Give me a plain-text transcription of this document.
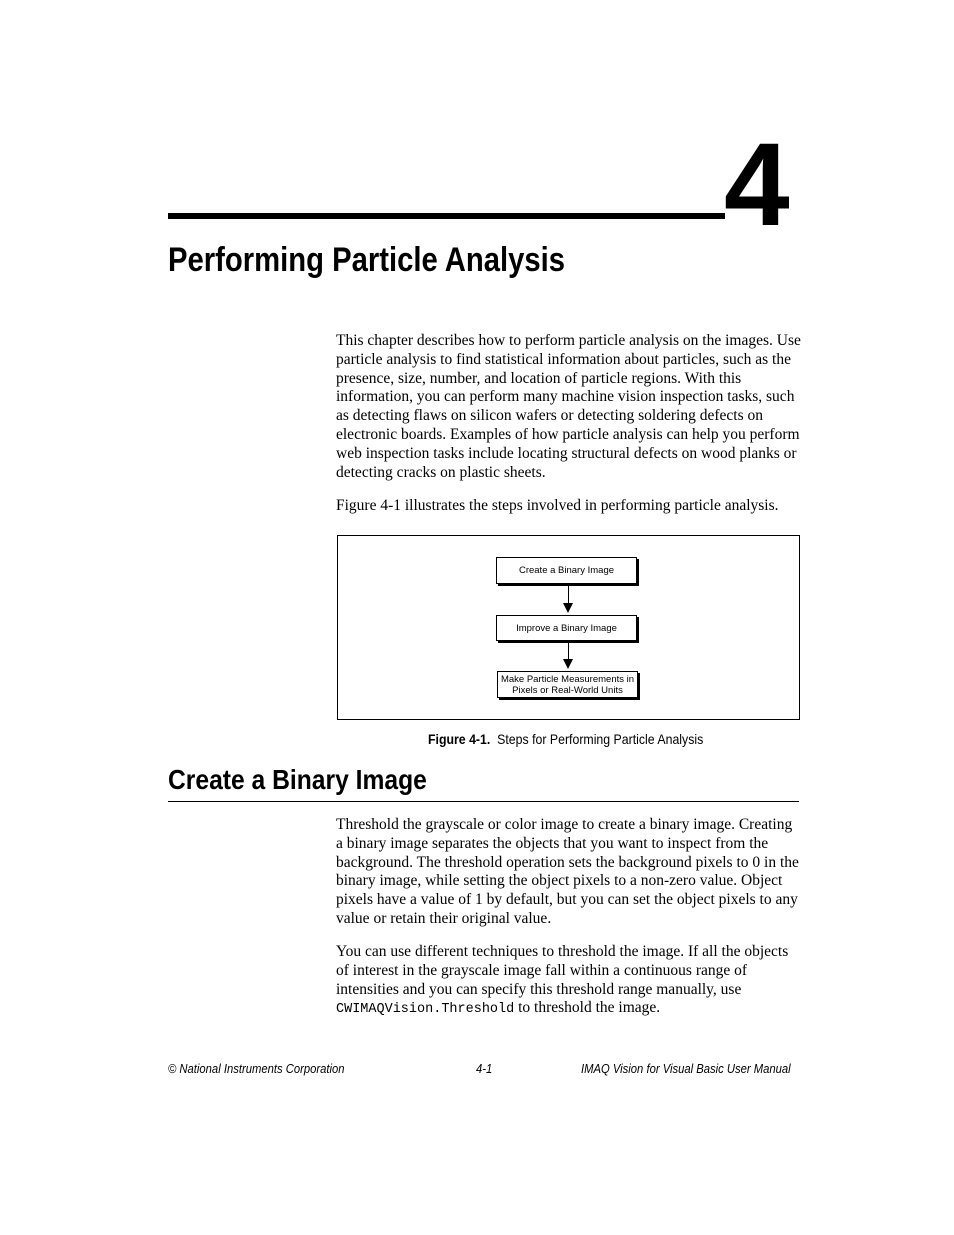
4
Performing Particle Analysis
This chapter describes how to perform particle analysis on the images. Use particle analysis to find statistical information about particles, such as the presence, size, number, and location of particle regions. With this information, you can perform many machine vision inspection tasks, such as detecting flaws on silicon wafers or detecting soldering defects on electronic boards. Examples of how particle analysis can help you perform web inspection tasks include locating structural defects on wood planks or detecting cracks on plastic sheets.
Figure 4-1 illustrates the steps involved in performing particle analysis.
Create a Binary Image
Improve a Binary Image
Make Particle Measurements in Pixels or Real-World Units
Figure 4-1. Steps for Performing Particle Analysis
Create a Binary Image
Threshold the grayscale or color image to create a binary image. Creating a binary image separates the objects that you want to inspect from the background. The threshold operation sets the background pixels to 0 in the binary image, while setting the object pixels to a non-zero value. Object pixels have a value of 1 by default, but you can set the object pixels to any value or retain their original value.
You can use different techniques to threshold the image. If all the objects of interest in the grayscale image fall within a continuous range of intensities and you can specify this threshold range manually, use CWIMAQVision.Threshold to threshold the image.
© National Instruments Corporation	4-1	IMAQ Vision for Visual Basic User Manual
